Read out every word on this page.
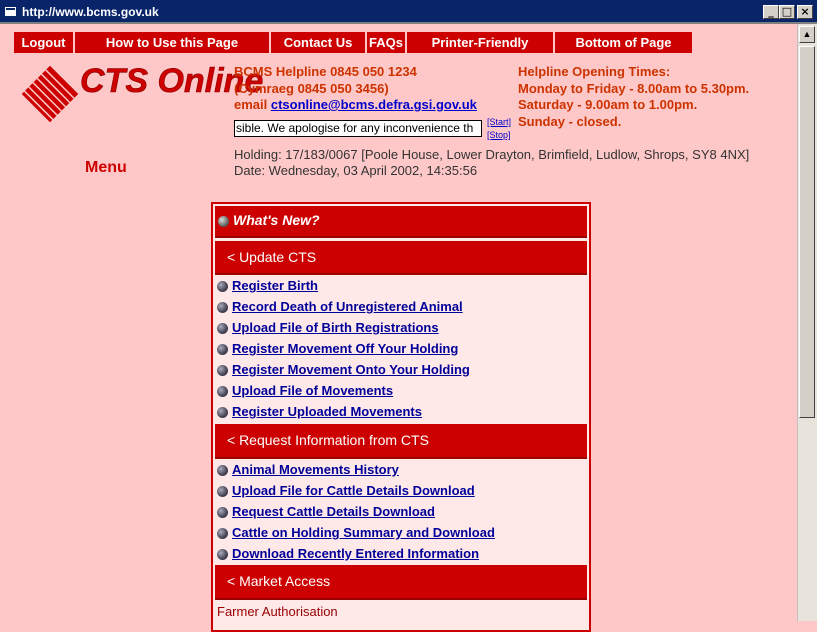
http://www.bcms.gov.uk	_ □ ×
Logout	How to Use this Page	Contact Us	FAQs	Printer-Friendly	Bottom of Page
CTS Online
BCMS Helpline 0845 050 1234
(Cymraeg 0845 050 3456)
email ctsonline@bcms.defra.gsi.gov.uk
Helpline Opening Times:
Monday to Friday - 8.00am to 5.30pm.
Saturday - 9.00am to 1.00pm.
Sunday - closed.
sible. We apologise for any inconvenience th	[Start]
[Stop]
Holding: 17/183/0067 [Poole House, Lower Drayton, Brimfield, Ludlow, Shrops, SY8 4NX]
Date: Wednesday, 03 April 2002, 14:35:56
Menu
What's New?
< Update CTS
Register Birth
Record Death of Unregistered Animal
Upload File of Birth Registrations
Register Movement Off Your Holding
Register Movement Onto Your Holding
Upload File of Movements
Register Uploaded Movements
< Request Information from CTS
Animal Movements History
Upload File for Cattle Details Download
Request Cattle Details Download
Cattle on Holding Summary and Download
Download Recently Entered Information
< Market Access
Farmer Authorisation
▲
